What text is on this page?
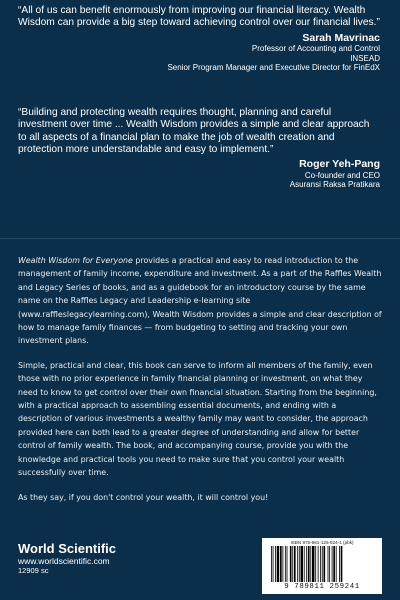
“All of us can benefit enormously from improving our financial literacy. Wealth Wisdom can provide a big step toward achieving control over our financial lives.”

Sarah Mavrinac
Professor of Accounting and Control
INSEAD
Senior Program Manager and Executive Director for FinEdX

“Building and protecting wealth requires thought, planning and careful investment over time ... Wealth Wisdom provides a simple and clear approach to all aspects of a financial plan to make the job of wealth creation and protection more understandable and easy to implement.”

Roger Yeh-Pang
Co-founder and CEO
Asuransi Raksa Pratikara

Wealth Wisdom for Everyone provides a practical and easy to read introduction to the management of family income, expenditure and investment. As a part of the Raffles Wealth and Legacy Series of books, and as a guidebook for an introductory course by the same name on the Raffles Legacy and Leadership e-learning site (www.raffleslegacylearning.com), Wealth Wisdom provides a simple and clear description of how to manage family finances — from budgeting to setting and tracking your own investment plans.

Simple, practical and clear, this book can serve to inform all members of the family, even those with no prior experience in family financial planning or investment, on what they need to know to get control over their own financial situation. Starting from the beginning, with a practical approach to assembling essential documents, and ending with a description of various investments a wealthy family may want to consider, the approach provided here can both lead to a greater degree of understanding and allow for better control of family wealth. The book, and accompanying course, provide you with the knowledge and practical tools you need to make sure that you control your wealth successfully over time.

As they say, if you don't control your wealth, it will control you!

World Scientific
www.worldscientific.com
12909 sc
ISBN 978-981-125-924-1 (pbk)
9 789811 259241
